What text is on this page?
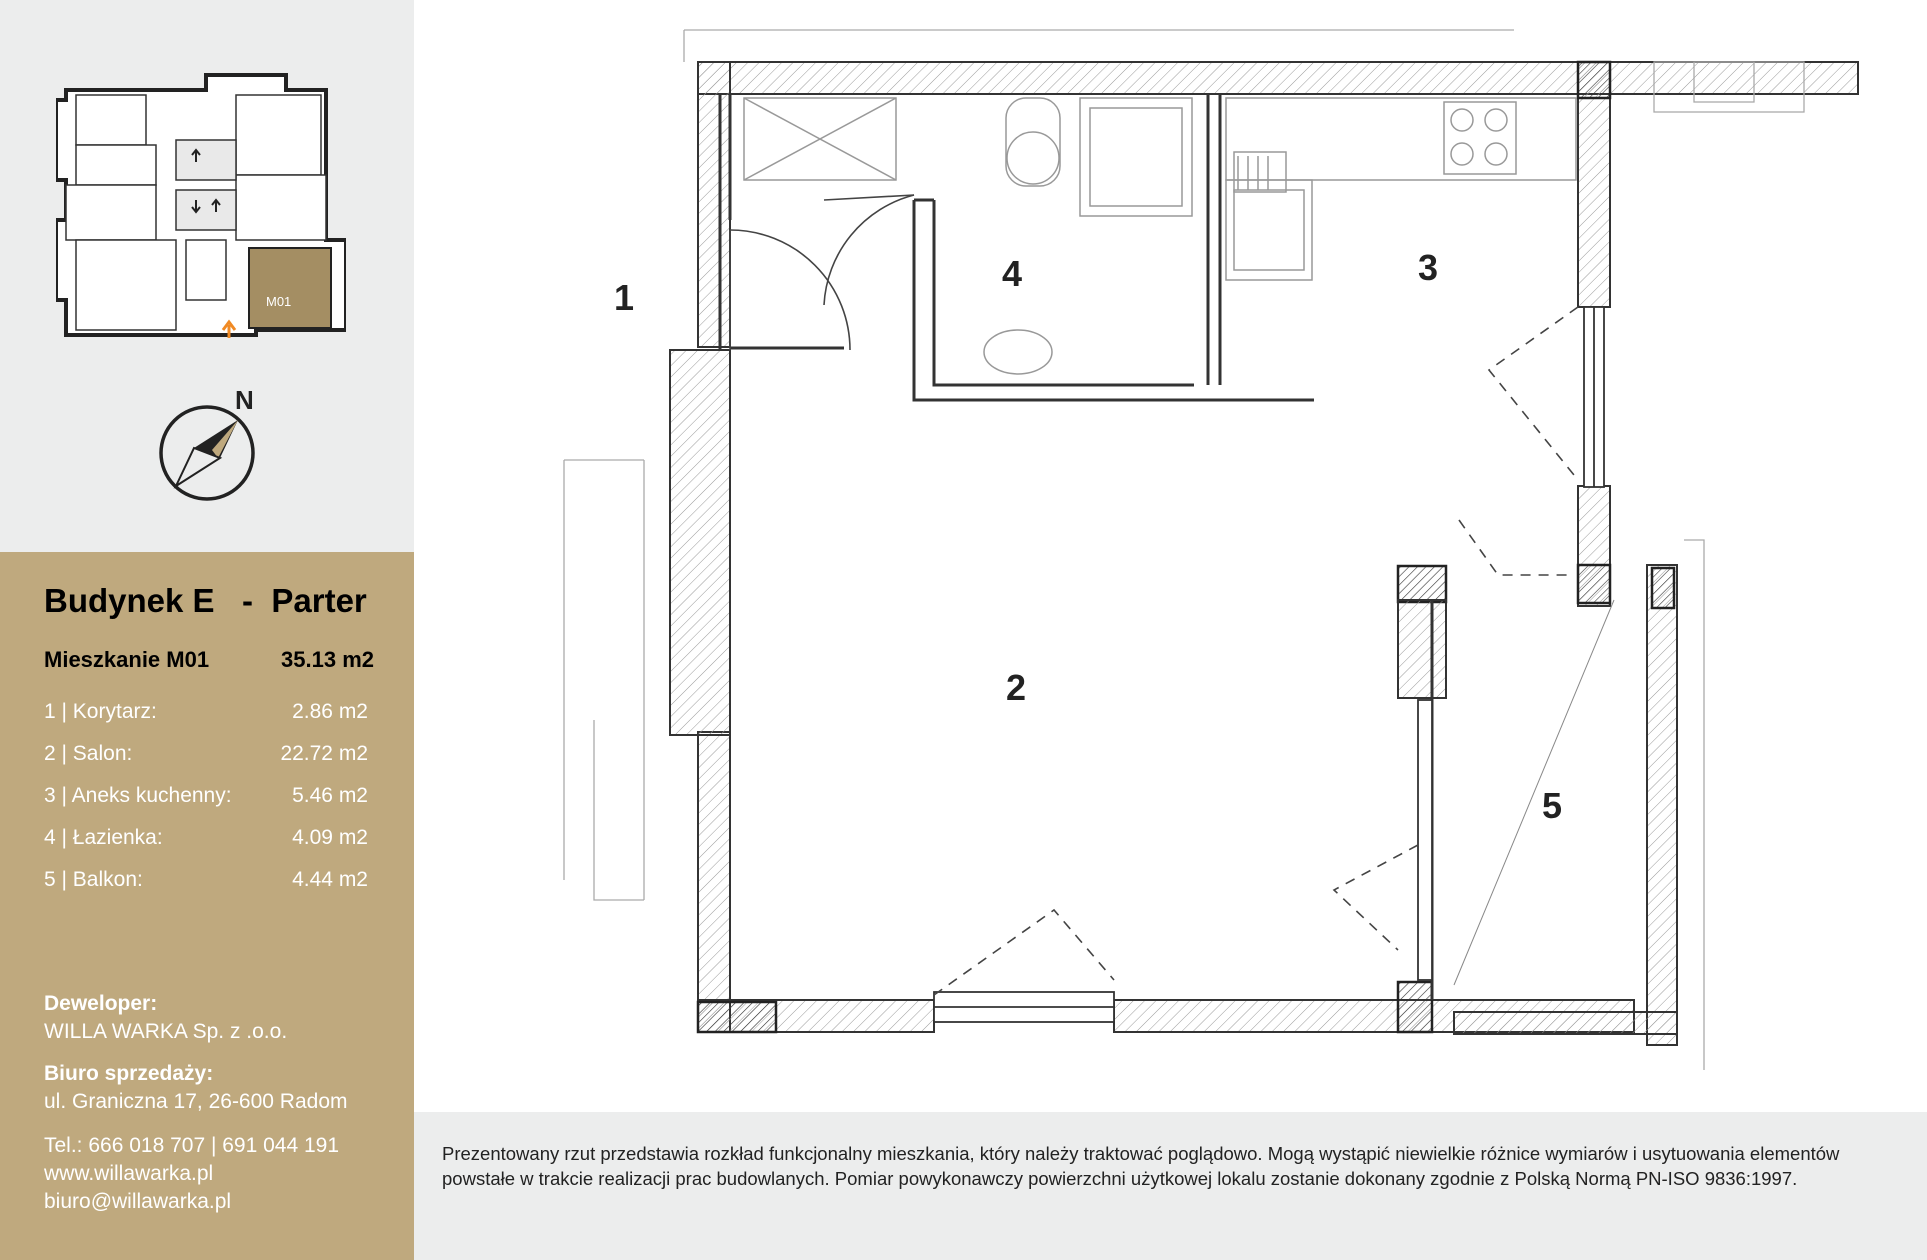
M01
N
Budynek E   -  Parter
Mieszkanie M01	35.13 m2
1 | Korytarz:	2.86 m2
2 | Salon:	22.72 m2
3 | Aneks kuchenny:	5.46 m2
4 | Łazienka:	4.09 m2
5 | Balkon:	4.44 m2
Deweloper:
WILLA WARKA Sp. z .o.o.
Biuro sprzedaży:
ul. Graniczna 17, 26-600 Radom
Tel.: 666 018 707 | 691 044 191
www.willawarka.pl
biuro@willawarka.pl
Prezentowany rzut przedstawia rozkład funkcjonalny mieszkania, który należy traktować poglądowo. Mogą wystąpić niewielkie różnice wymiarów i usytuowania elementów powstałe w trakcie realizacji prac budowlanych. Pomiar powykonawczy powierzchni użytkowej lokalu zostanie dokonany zgodnie z Polską Normą PN-ISO 9836:1997.
1
2
3
4
5
